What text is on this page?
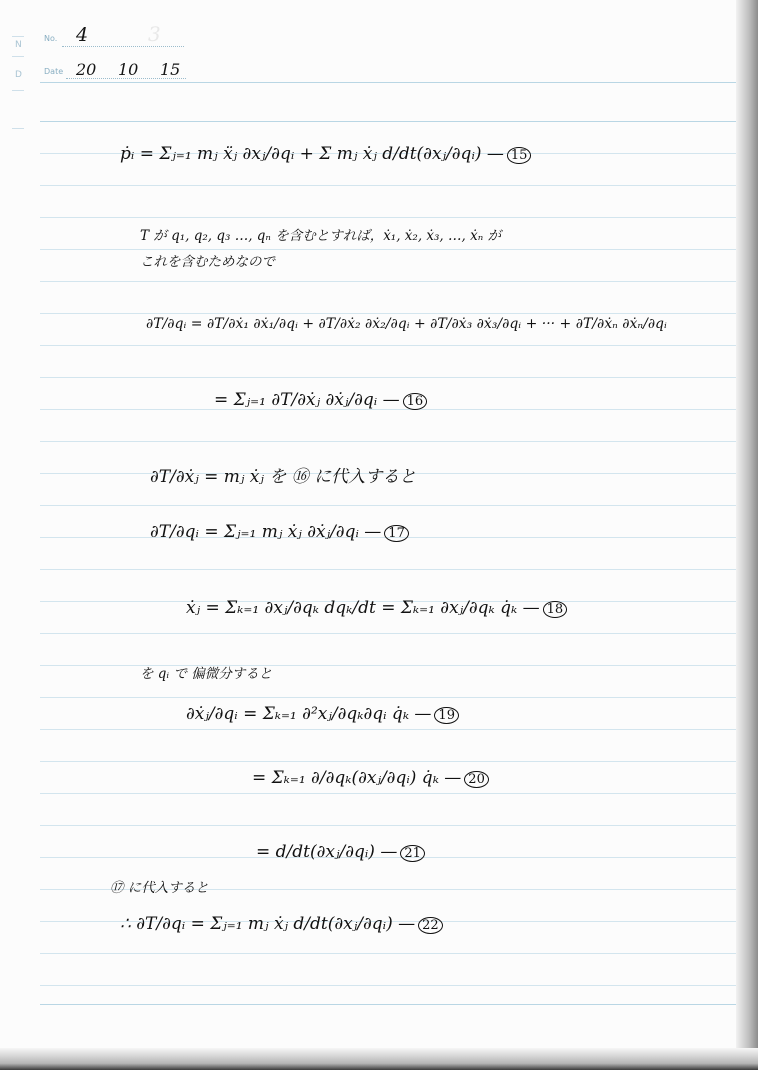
3
N
D
No. 4
Date 20 10 15
ṗᵢ = Σⱼ₌₁ mⱼ ẍⱼ ∂xⱼ/∂qᵢ + Σ mⱼ ẋⱼ d/dt(∂xⱼ/∂qᵢ) — 15
T が q₁, q₂, q₃ …, qₙ を含むとすれば，ẋ₁, ẋ₂, ẋ₃, …, ẋₙ が
これを含むためなので
∂T/∂qᵢ = ∂T/∂ẋ₁ ∂ẋ₁/∂qᵢ + ∂T/∂ẋ₂ ∂ẋ₂/∂qᵢ + ∂T/∂ẋ₃ ∂ẋ₃/∂qᵢ + ··· + ∂T/∂ẋₙ ∂ẋₙ/∂qᵢ
= Σⱼ₌₁ ∂T/∂ẋⱼ ∂ẋⱼ/∂qᵢ — 16
∂T/∂ẋⱼ = mⱼ ẋⱼ を ⑯ に代入すると
∂T/∂qᵢ = Σⱼ₌₁ mⱼ ẋⱼ ∂ẋⱼ/∂qᵢ — 17
ẋⱼ = Σₖ₌₁ ∂xⱼ/∂qₖ dqₖ/dt = Σₖ₌₁ ∂xⱼ/∂qₖ q̇ₖ — 18
を qᵢ で 偏微分すると
∂ẋⱼ/∂qᵢ = Σₖ₌₁ ∂²xⱼ/∂qₖ∂qᵢ q̇ₖ — 19
= Σₖ₌₁ ∂/∂qₖ(∂xⱼ/∂qᵢ) q̇ₖ — 20
= d/dt(∂xⱼ/∂qᵢ) — 21
⑰ に代入すると
∴ ∂T/∂qᵢ = Σⱼ₌₁ mⱼ ẋⱼ d/dt(∂xⱼ/∂qᵢ) — 22
